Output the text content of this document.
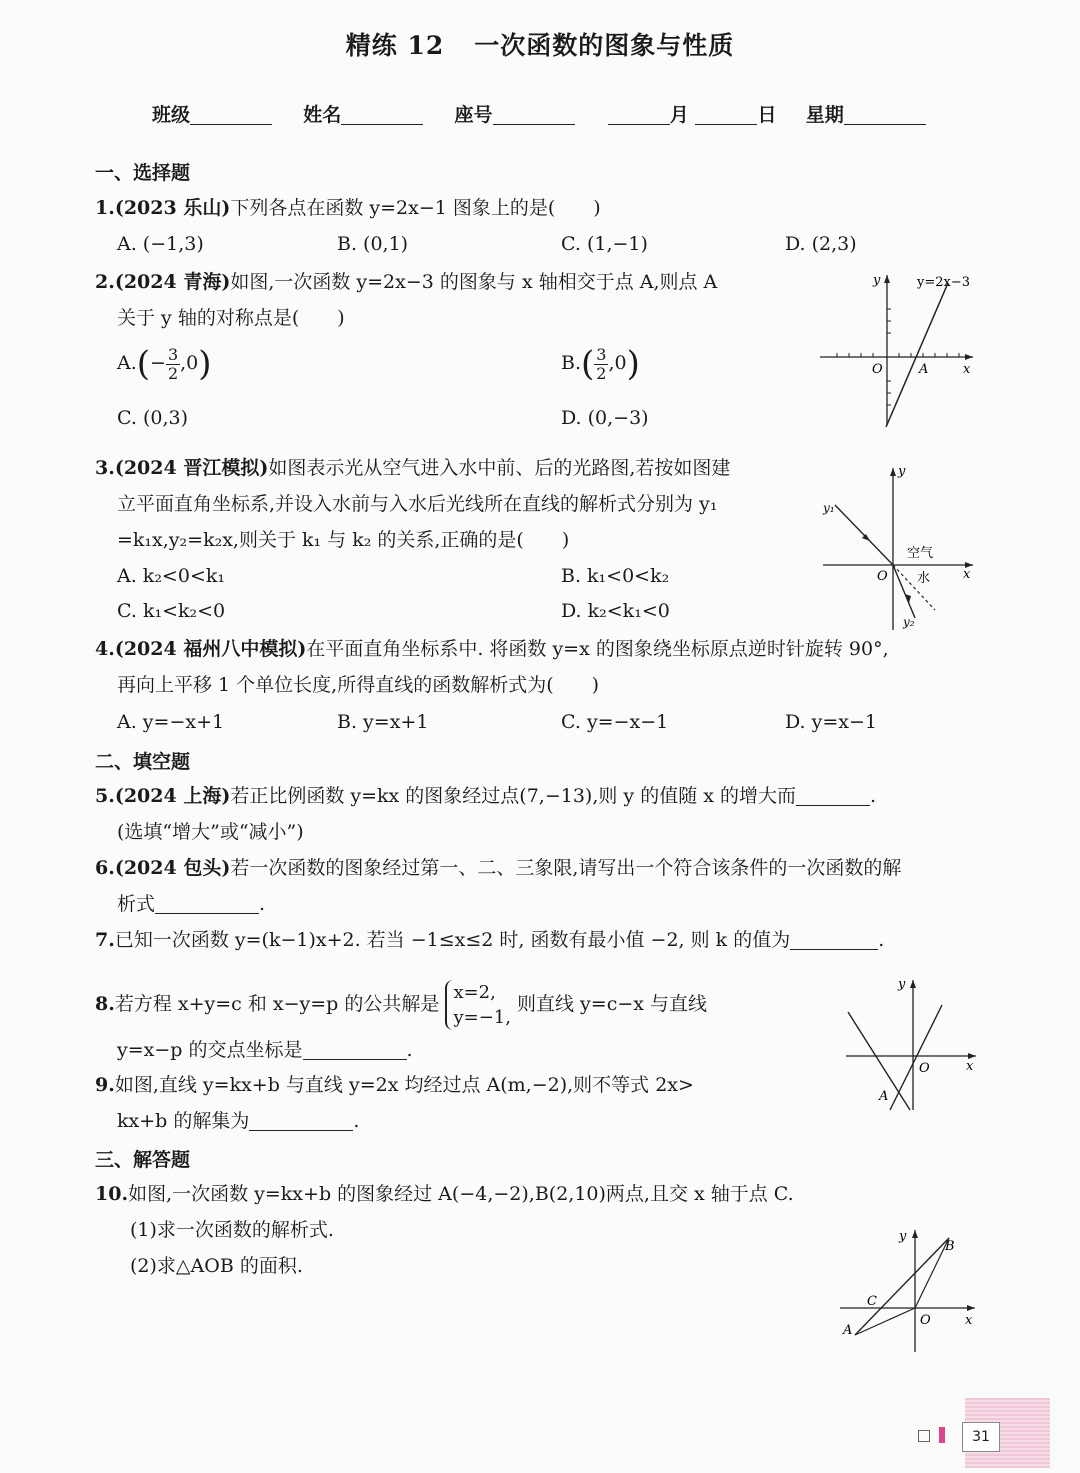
精练 12 一次函数的图象与性质
班级	姓名	座号	月	日 星期
一、选择题
1.(2023 乐山)下列各点在函数 y=2x−1 图象上的是(　　)
A. (−1,3)	B. (0,1)	C. (1,−1)	D. (2,3)
2.(2024 青海)如图,一次函数 y=2x−3 的图象与 x 轴相交于点 A,则点 A
关于 y 轴的对称点是(　　)
$A.(- \frac{3}{2} ,0)$	$B.( \frac{3}{2} ,0)$
C. (0,3)	D. (0,−3)
y
x
O	A
y=2x−3
3.(2024 晋江模拟)如图表示光从空气进入水中前、后的光路图,若按如图建
立平面直角坐标系,并设入水前与入水后光线所在直线的解析式分别为 y₁
=k₁x,y₂=k₂x,则关于 k₁ 与 k₂ 的关系,正确的是(　　)
A. k₂<0<k₁	B. k₁<0<k₂
C. k₁<k₂<0	D. k₂<k₁<0
y
x
O
y₁
y₂
空气
水
4.(2024 福州八中模拟)在平面直角坐标系中. 将函数 y=x 的图象绕坐标原点逆时针旋转 90°,
再向上平移 1 个单位长度,所得直线的函数解析式为(　　)
A. y=−x+1	B. y=x+1	C. y=−x−1	D. y=x−1
二、填空题
5.(2024 上海)若正比例函数 y=kx 的图象经过点(7,−13),则 y 的值随 x 的增大而	.
(选填“增大”或“减小”)
6.(2024 包头)若一次函数的图象经过第一、二、三象限,请写出一个符合该条件的一次函数的解
析式	.
7.已知一次函数 y=(k−1)x+2. 若当 −1≤x≤2 时, 函数有最小值 −2, 则 k 的值为	.
8.若方程 x+y=c 和 x−y=p 的公共解是
x=2,
y=−1,
则直线 y=c−x 与直线
y=x−p 的交点坐标是	.
y
x
O
A
9.如图,直线 y=kx+b 与直线 y=2x 均经过点 A(m,−2),则不等式 2x>
kx+b 的解集为	.
三、解答题
10.如图,一次函数 y=kx+b 的图象经过 A(−4,−2),B(2,10)两点,且交 x 轴于点 C.
(1)求一次函数的解析式.
(2)求△AOB 的面积.
y
x
O
A
B
C
31
